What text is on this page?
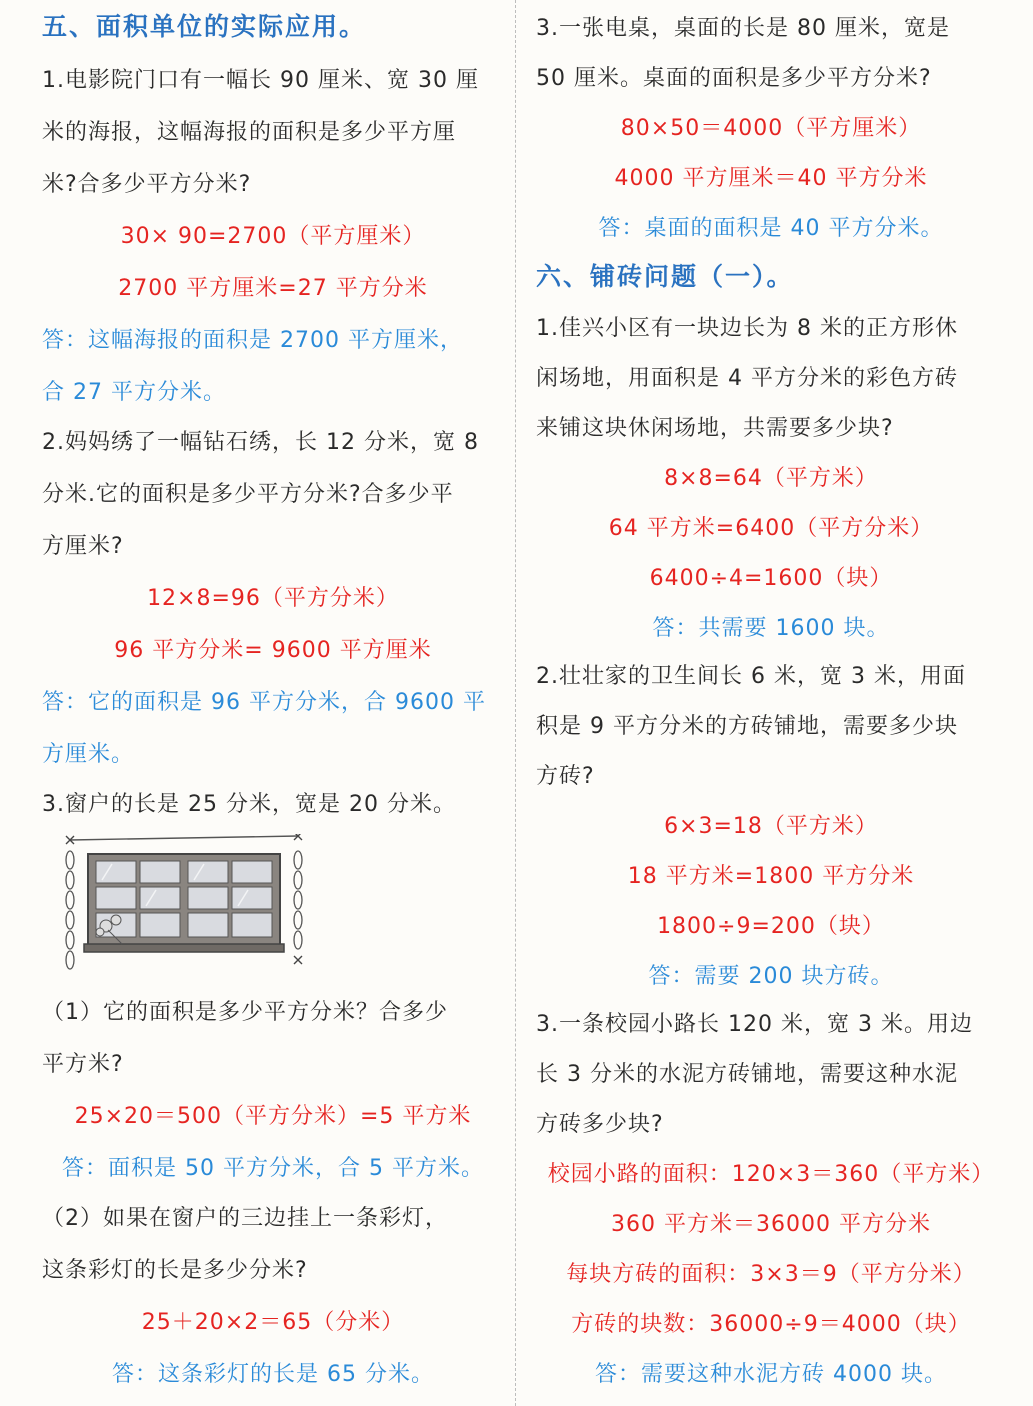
五、面积单位的实际应用。
1.电影院门口有一幅长 90 厘米、宽 30 厘
米的海报，这幅海报的面积是多少平方厘
米?合多少平方分米?
30× 90=2700（平方厘米）
2700 平方厘米=27 平方分米
答：这幅海报的面积是 2700 平方厘米，
合 27 平方分米。
2.妈妈绣了一幅钻石绣，长 12 分米，宽 8
分米.它的面积是多少平方分米?合多少平
方厘米?
12×8=96（平方分米）
96 平方分米= 9600 平方厘米
答：它的面积是 96 平方分米，合 9600 平
方厘米。
3.窗户的长是 25 分米，宽是 20 分米。
（1）它的面积是多少平方分米？合多少
平方米?
25×20＝500（平方分米）=5 平方米
答：面积是 50 平方分米，合 5 平方米。
（2）如果在窗户的三边挂上一条彩灯，
这条彩灯的长是多少分米?
25＋20×2＝65（分米）
答：这条彩灯的长是 65 分米。
3.一张电桌，桌面的长是 80 厘米，宽是
50 厘米。桌面的面积是多少平方分米?
80×50＝4000（平方厘米）
4000 平方厘米＝40 平方分米
答：桌面的面积是 40 平方分米。
六、铺砖问题（一）。
1.佳兴小区有一块边长为 8 米的正方形休
闲场地，用面积是 4 平方分米的彩色方砖
来铺这块休闲场地，共需要多少块?
8×8=64（平方米）
64 平方米=6400（平方分米）
6400÷4=1600（块）
答：共需要 1600 块。
2.壮壮家的卫生间长 6 米，宽 3 米，用面
积是 9 平方分米的方砖铺地，需要多少块
方砖?
6×3=18（平方米）
18 平方米=1800 平方分米
1800÷9=200（块）
答：需要 200 块方砖。
3.一条校园小路长 120 米，宽 3 米。用边
长 3 分米的水泥方砖铺地，需要这种水泥
方砖多少块?
校园小路的面积：120×3＝360（平方米）
360 平方米＝36000 平方分米
每块方砖的面积：3×3＝9（平方分米）
方砖的块数：36000÷9＝4000（块）
答：需要这种水泥方砖 4000 块。
